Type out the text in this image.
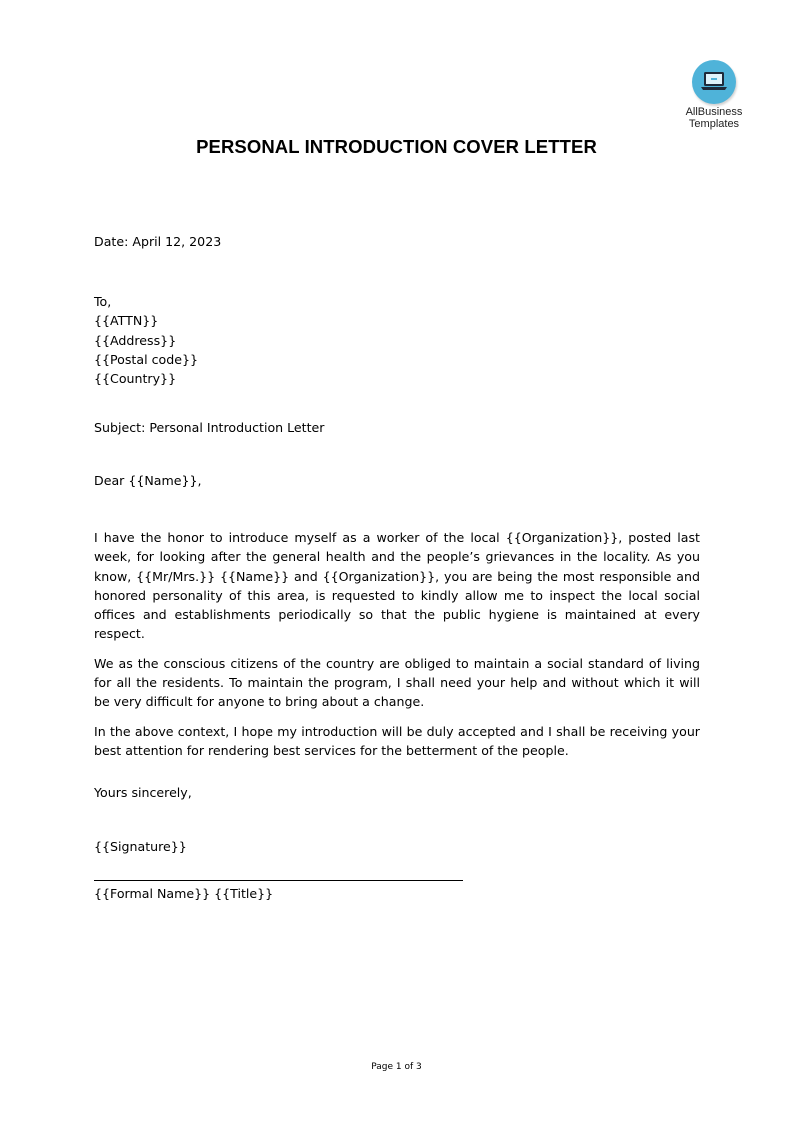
AllBusiness
Templates
PERSONAL INTRODUCTION COVER LETTER
Date: April 12, 2023
To,
{{ATTN}}
{{Address}}
{{Postal code}}
{{Country}}
Subject: Personal Introduction Letter
Dear {{Name}},

I have the honor to introduce myself as a worker of the local {{Organization}}, posted last week, for looking after the general health and the people’s grievances in the locality. As you know, {{Mr/Mrs.}} {{Name}} and {{Organization}}, you are being the most responsible and honored personality of this area, is requested to kindly allow me to inspect the local social offices and establishments periodically so that the public hygiene is maintained at every respect.

We as the conscious citizens of the country are obliged to maintain a social standard of living for all the residents. To maintain the program, I shall need your help and without which it will be very difficult for anyone to bring about a change.

In the above context, I hope my introduction will be duly accepted and I shall be receiving your best attention for rendering best services for the betterment of the people.

Yours sincerely,
{{Signature}}
{{Formal Name}} {{Title}}
Page 1 of 3
